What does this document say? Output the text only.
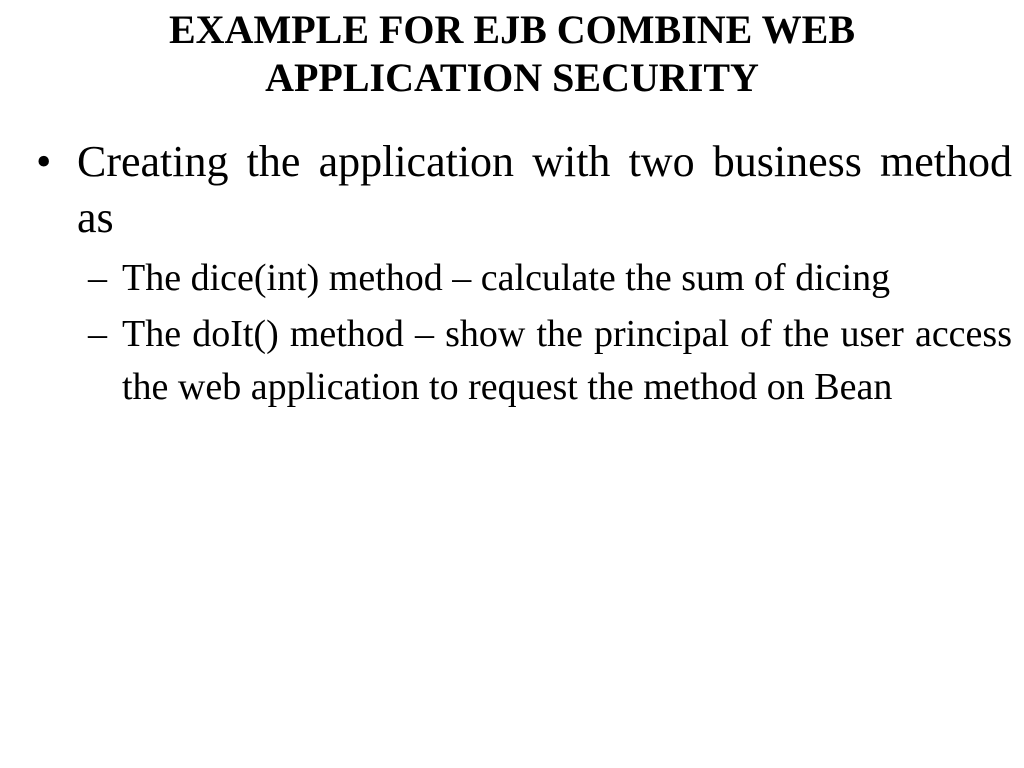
EXAMPLE FOR EJB COMBINE WEB
APPLICATION SECURITY

• Creating the application with two business method as

– The dice(int) method – calculate the sum of dicing
– The doIt() method – show the principal of the user access the web application to request the method on Bean
